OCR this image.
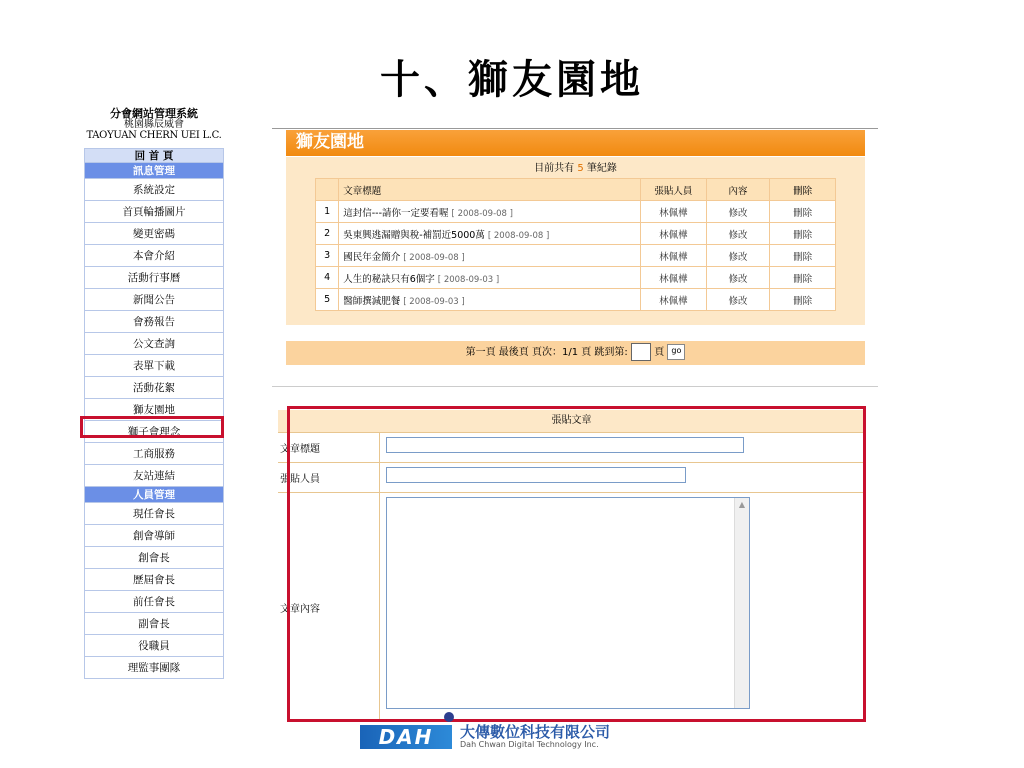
十、獅友園地
分會網站管理系統
桃園縣辰威會
TAOYUAN CHERN UEI L.C.
回 首 頁
訊息管理
系統設定
首頁輪播圖片
變更密碼
本會介紹
活動行事曆
新聞公告
會務報告
公文查詢
表單下載
活動花絮
獅友園地
獅子會理念
工商服務
友站連結
人員管理
現任會長
創會導師
創會長
歷屆會長
前任會長
副會長
役職員
理監事團隊
獅友園地
目前共有 5 筆紀錄
	文章標題	張貼人員	內容	刪除
1	這封信---請你一定要看喔 [ 2008-09-08 ]	林佩樺	修改	刪除
2	吳東興逃漏贈與稅-補罰近5000萬 [ 2008-09-08 ]	林佩樺	修改	刪除
3	國民年金簡介 [ 2008-09-08 ]	林佩樺	修改	刪除
4	人生的秘訣只有6個字 [ 2008-09-03 ]	林佩樺	修改	刪除
5	醫師撰減肥餐 [ 2008-09-03 ]	林佩樺	修改	刪除
第一頁 最後頁 頁次：1/1 頁 跳到第:	頁 go
張貼文章
文章標題
張貼人員
文章內容
▲
DAH	大傳數位科技有限公司
Dah Chwan Digital Technology Inc.
